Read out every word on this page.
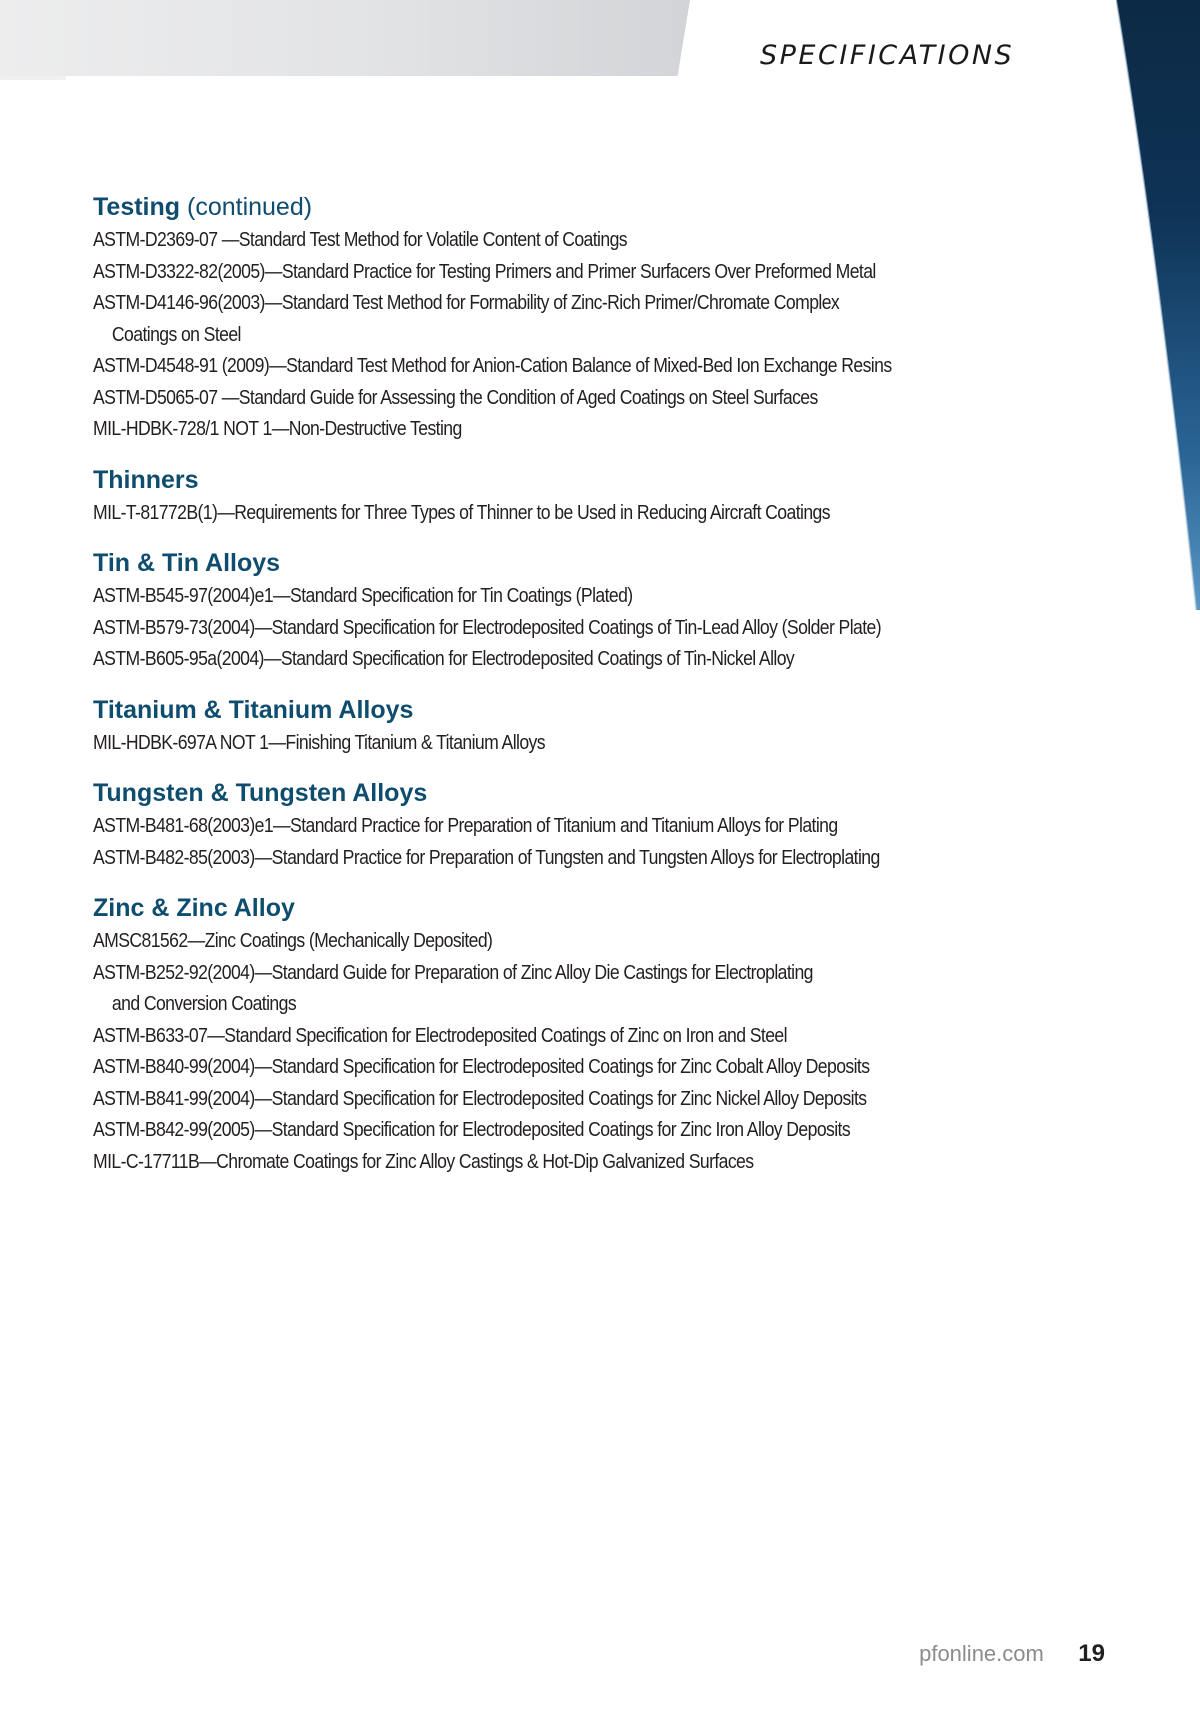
SPECIFICATIONS
Testing (continued)
ASTM-D2369-07 —Standard Test Method for Volatile Content of Coatings
ASTM-D3322-82(2005)—Standard Practice for Testing Primers and Primer Surfacers Over Preformed Metal
ASTM-D4146-96(2003)—Standard Test Method for Formability of Zinc-Rich Primer/Chromate Complex
Coatings on Steel
ASTM-D4548-91 (2009)—Standard Test Method for Anion-Cation Balance of Mixed-Bed Ion Exchange Resins
ASTM-D5065-07 —Standard Guide for Assessing the Condition of Aged Coatings on Steel Surfaces
MIL-HDBK-728/1 NOT 1—Non-Destructive Testing
Thinners
MIL-T-81772B(1)—Requirements for Three Types of Thinner to be Used in Reducing Aircraft Coatings
Tin & Tin Alloys
ASTM-B545-97(2004)e1—Standard Specification for Tin Coatings (Plated)
ASTM-B579-73(2004)—Standard Specification for Electrodeposited Coatings of Tin-Lead Alloy (Solder Plate)
ASTM-B605-95a(2004)—Standard Specification for Electrodeposited Coatings of Tin-Nickel Alloy
Titanium & Titanium Alloys
MIL-HDBK-697A NOT 1—Finishing Titanium & Titanium Alloys
Tungsten & Tungsten Alloys
ASTM-B481-68(2003)e1—Standard Practice for Preparation of Titanium and Titanium Alloys for Plating
ASTM-B482-85(2003)—Standard Practice for Preparation of Tungsten and Tungsten Alloys for Electroplating
Zinc & Zinc Alloy
AMSC81562—Zinc Coatings (Mechanically Deposited)
ASTM-B252-92(2004)—Standard Guide for Preparation of Zinc Alloy Die Castings for Electroplating
and Conversion Coatings
ASTM-B633-07—Standard Specification for Electrodeposited Coatings of Zinc on Iron and Steel
ASTM-B840-99(2004)—Standard Specification for Electrodeposited Coatings for Zinc Cobalt Alloy Deposits
ASTM-B841-99(2004)—Standard Specification for Electrodeposited Coatings for Zinc Nickel Alloy Deposits
ASTM-B842-99(2005)—Standard Specification for Electrodeposited Coatings for Zinc Iron Alloy Deposits
MIL-C-17711B—Chromate Coatings for Zinc Alloy Castings & Hot-Dip Galvanized Surfaces
pfonline.com 19
